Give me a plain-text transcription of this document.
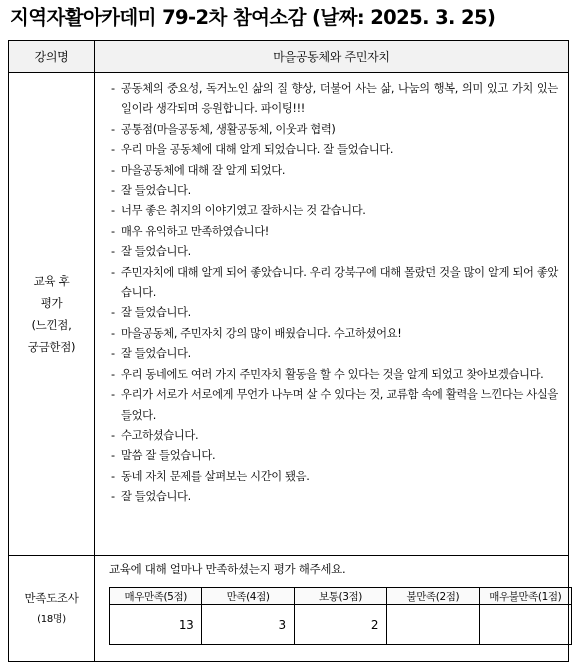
지역자활아카데미 79-2차 참여소감 (날짜: 2025. 3. 25)
강의명	마을공동체와 주민자치

교육 후
평가
(느낀점,
궁금한점)

- 공동체의 중요성, 독거노인 삶의 질 향상, 더불어 사는 삶, 나눔의 행복, 의미 있고 가치 있는 일이라 생각되며 응원합니다. 파이팅!!!
- 공통점(마을공동체, 생활공동체, 이웃과 협력)
- 우리 마을 공동체에 대해 알게 되었습니다. 잘 들었습니다.
- 마을공동체에 대해 잘 알게 되었다.
- 잘 들었습니다.
- 너무 좋은 취지의 이야기였고 잘하시는 것 같습니다.
- 매우 유익하고 만족하였습니다!
- 잘 들었습니다.
- 주민자치에 대해 알게 되어 좋았습니다. 우리 강북구에 대해 몰랐던 것을 많이 알게 되어 좋았습니다.
- 잘 들었습니다.
- 마을공동체, 주민자치 강의 많이 배웠습니다. 수고하셨어요!
- 잘 들었습니다.
- 우리 동네에도 여러 가지 주민자치 활동을 할 수 있다는 것을 알게 되었고 찾아보겠습니다.
- 우리가 서로가 서로에게 무언가 나누며 살 수 있다는 것, 교류함 속에 활력을 느낀다는 사실을 들었다.
- 수고하셨습니다.
- 말씀 잘 들었습니다.
- 동네 자치 문제를 살펴보는 시간이 됐음.
- 잘 들었습니다.

만족도조사
(18명)

교육에 대해 얼마나 만족하셨는지 평가 해주세요.
매우만족(5점)	만족(4점)	보통(3점)	불만족(2점)	매우불만족(1점)
13	3	2		
